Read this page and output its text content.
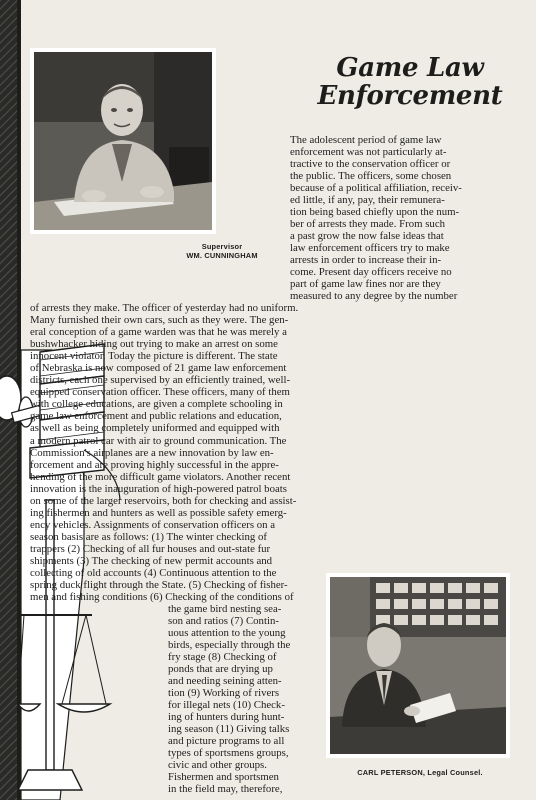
Supervisor
WM. CUNNINGHAM
Game Law
Enforcement
The adolescent period of game law
enforcement was not particularly at-
tractive to the conservation officer or
the public. The officers, some chosen
because of a political affiliation, receiv-
ed little, if any, pay, their remunera-
tion being based chiefly upon the num-
ber of arrests they made. From such
a past grow the now false ideas that
law enforcement officers try to make
arrests in order to increase their in-
come. Present day officers receive no
part of game law fines nor are they
measured to any degree by the number
of arrests they make. The officer of yesterday had no uniform.
Many furnished their own cars, such as they were. The gen-
eral conception of a game warden was that he was merely a
bushwhacker hiding out trying to make an arrest on some
innocent violator. Today the picture is different. The state
of Nebraska is now composed of 21 game law enforcement
districts, each one supervised by an efficiently trained, well-
equipped conservation officer. These officers, many of them
with college educations, are given a complete schooling in
game law enforcement and public relations and education,
as well as being completely uniformed and equipped with
a modern patrol car with air to ground communication. The
Commission's airplanes are a new innovation by law en-
forcement and are proving highly successful in the appre-
hending of the more difficult game violators. Another recent
innovation is the inauguration of high-powered patrol boats
on some of the larger reservoirs, both for checking and assist-
ing fishermen and hunters as well as possible safety emerg-
ency vehicles. Assignments of conservation officers on a
season basis are as follows: (1) The winter checking of
trappers (2) Checking of all fur houses and out-state fur
shipments (3) The checking of new permit accounts and
collecting of old accounts (4) Continuous attention to the
spring duck flight through the State. (5) Checking of fisher-
men and fishing conditions (6) Checking of the conditions of
the game bird nesting sea-
son and ratios (7) Contin-
uous attention to the young
birds, especially through the
fry stage (8) Checking of
ponds that are drying up
and needing seining atten-
tion (9) Working of rivers
for illegal nets (10) Check-
ing of hunters during hunt-
ing season (11) Giving talks
and picture programs to all
types of sportsmens groups,
civic and other groups.
Fishermen and sportsmen
in the field may, therefore,
CARL PETERSON, Legal Counsel.
